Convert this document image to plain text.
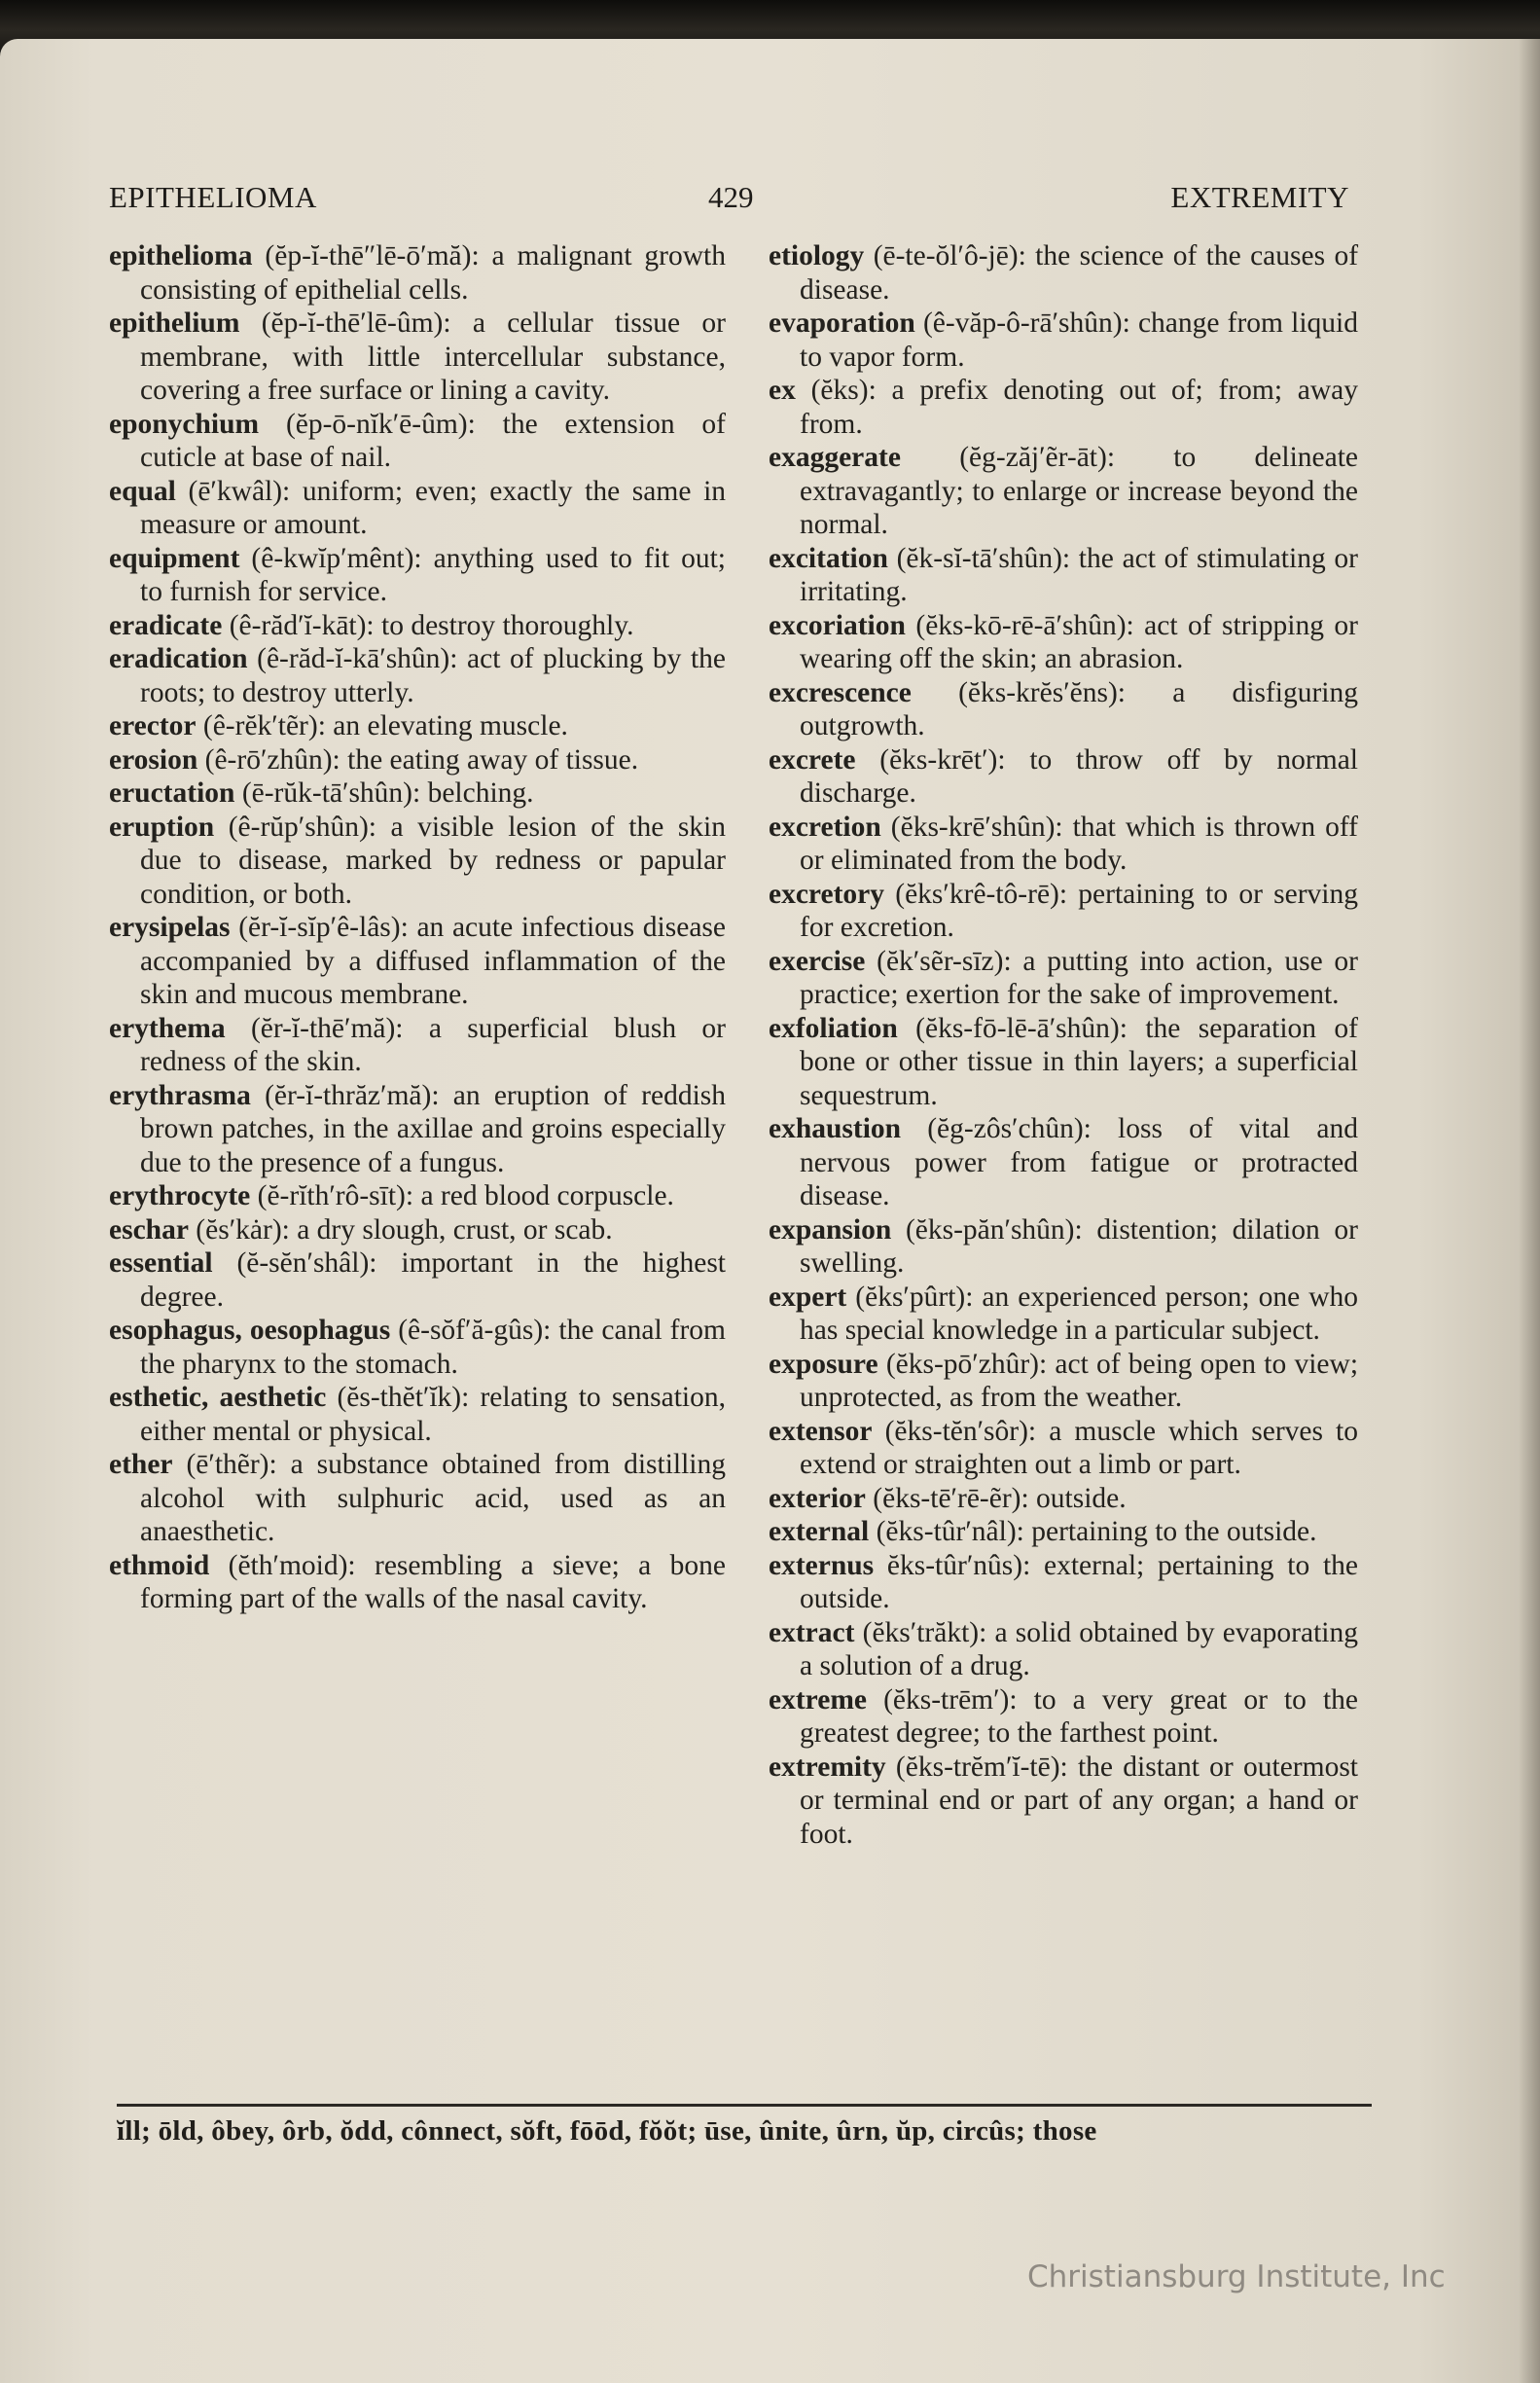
EPITHELIOMA	429	EXTREMITY
epithelioma (ĕp-ĭ-thē″lē-ō′mă): a malignant growth consisting of epithelial cells.
epithelium (ĕp-ĭ-thē′lē-ûm): a cellular tissue or membrane, with little intercellular substance, covering a free surface or lining a cavity.
eponychium (ĕp-ō-nĭk′ē-ûm): the extension of cuticle at base of nail.
equal (ē′kwâl): uniform; even; exactly the same in measure or amount.
equipment (ê-kwĭp′mênt): anything used to fit out; to furnish for service.
eradicate (ê-răd′ĭ-kāt): to destroy thoroughly.
eradication (ê-răd-ĭ-kā′shûn): act of plucking by the roots; to destroy utterly.
erector (ê-rĕk′tẽr): an elevating muscle.
erosion (ê-rō′zhûn): the eating away of tissue.
eructation (ē-rŭk-tā′shûn): belching.
eruption (ê-rŭp′shûn): a visible lesion of the skin due to disease, marked by redness or papular condition, or both.
erysipelas (ĕr-ĭ-sĭp′ê-lâs): an acute infectious disease accompanied by a diffused inflammation of the skin and mucous membrane.
erythema (ĕr-ĭ-thē′mă): a superficial blush or redness of the skin.
erythrasma (ĕr-ĭ-thrăz′mă): an eruption of reddish brown patches, in the axillae and groins especially due to the presence of a fungus.
erythrocyte (ĕ-rĭth′rô-sīt): a red blood corpuscle.
eschar (ĕs′kȧr): a dry slough, crust, or scab.
essential (ĕ-sĕn′shâl): important in the highest degree.
esophagus, oesophagus (ê-sŏf′ă-gûs): the canal from the pharynx to the stomach.
esthetic, aesthetic (ĕs-thĕt′ĭk): relating to sensation, either mental or physical.
ether (ē′thẽr): a substance obtained from distilling alcohol with sulphuric acid, used as an anaesthetic.
ethmoid (ĕth′moid): resembling a sieve; a bone forming part of the walls of the nasal cavity.
etiology (ē-te-ŏl′ô-jē): the science of the causes of disease.
evaporation (ê-văp-ô-rā′shûn): change from liquid to vapor form.
ex (ĕks): a prefix denoting out of; from; away from.
exaggerate (ĕg-zăj′ẽr-āt): to delineate extravagantly; to enlarge or increase beyond the normal.
excitation (ĕk-sĭ-tā′shûn): the act of stimulating or irritating.
excoriation (ĕks-kō-rē-ā′shûn): act of stripping or wearing off the skin; an abrasion.
excrescence (ĕks-krĕs′ĕns): a disfiguring outgrowth.
excrete (ĕks-krēt′): to throw off by normal discharge.
excretion (ĕks-krē′shûn): that which is thrown off or eliminated from the body.
excretory (ĕks′krê-tô-rē): pertaining to or serving for excretion.
exercise (ĕk′sẽr-sīz): a putting into action, use or practice; exertion for the sake of improvement.
exfoliation (ĕks-fō-lē-ā′shûn): the separation of bone or other tissue in thin layers; a superficial sequestrum.
exhaustion (ĕg-zôs′chûn): loss of vital and nervous power from fatigue or protracted disease.
expansion (ĕks-păn′shûn): distention; dilation or swelling.
expert (ĕks′pûrt): an experienced person; one who has special knowledge in a particular subject.
exposure (ĕks-pō′zhûr): act of being open to view; unprotected, as from the weather.
extensor (ĕks-tĕn′sôr): a muscle which serves to extend or straighten out a limb or part.
exterior (ĕks-tē′rē-ẽr): outside.
external (ĕks-tûr′nâl): pertaining to the outside.
externus ĕks-tûr′nûs): external; pertaining to the outside.
extract (ĕks′trăkt): a solid obtained by evaporating a solution of a drug.
extreme (ĕks-trēm′): to a very great or to the greatest degree; to the farthest point.
extremity (ĕks-trĕm′ĭ-tē): the distant or outermost or terminal end or part of any organ; a hand or foot.
ĭll; ōld, ôbey, ôrb, ŏdd, cônnect, sŏft, fōōd, fŏŏt; ūse, ûnite, ûrn, ŭp, circûs; those
Christiansburg Institute, Inc
